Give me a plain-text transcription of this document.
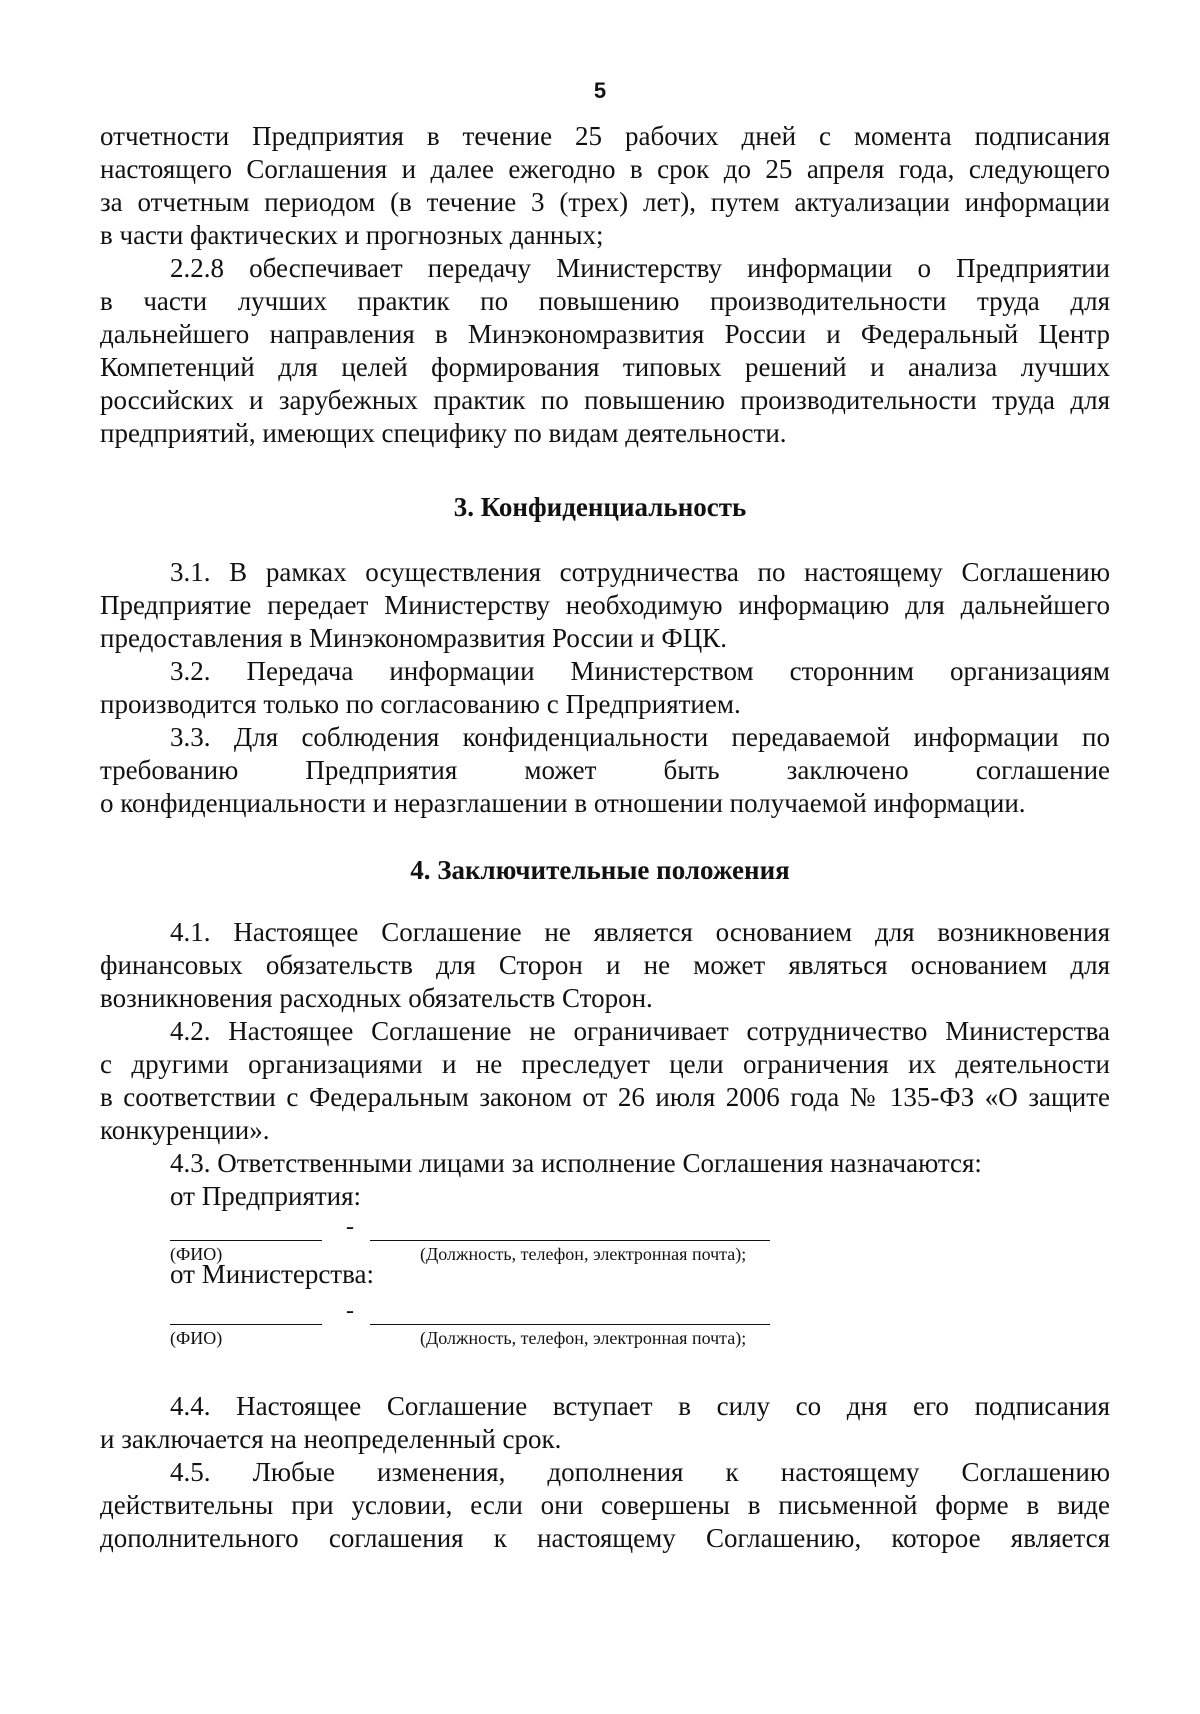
5
отчетности Предприятия в течение 25 рабочих дней с момента подписания
настоящего Соглашения и далее ежегодно в срок до 25 апреля года, следующего
за отчетным периодом (в течение 3 (трех) лет), путем актуализации информации
в части фактических и прогнозных данных;
2.2.8 обеспечивает передачу Министерству информации о Предприятии
в части лучших практик по повышению производительности труда для
дальнейшего направления в Минэкономразвития России и Федеральный Центр
Компетенций для целей формирования типовых решений и анализа лучших
российских и зарубежных практик по повышению производительности труда для
предприятий, имеющих специфику по видам деятельности.
3. Конфиденциальность
3.1. В рамках осуществления сотрудничества по настоящему Соглашению
Предприятие передает Министерству необходимую информацию для дальнейшего
предоставления в Минэкономразвития России и ФЦК.
3.2. Передача информации Министерством сторонним организациям
производится только по согласованию с Предприятием.
3.3. Для соблюдения конфиденциальности передаваемой информации по
требованию Предприятия может быть заключено соглашение
о конфиденциальности и неразглашении в отношении получаемой информации.
4. Заключительные положения
4.1. Настоящее Соглашение не является основанием для возникновения
финансовых обязательств для Сторон и не может являться основанием для
возникновения расходных обязательств Сторон.
4.2. Настоящее Соглашение не ограничивает сотрудничество Министерства
с другими организациями и не преследует цели ограничения их деятельности
в соответствии с Федеральным законом от 26 июля 2006 года № 135-ФЗ «О защите
конкуренции».
4.3. Ответственными лицами за исполнение Соглашения назначаются:
от Предприятия:
-
(ФИО)	(Должность, телефон, электронная почта);
от Министерства:
-
(ФИО)	(Должность, телефон, электронная почта);
4.4. Настоящее Соглашение вступает в силу со дня его подписания
и заключается на неопределенный срок.
4.5. Любые изменения, дополнения к настоящему Соглашению
действительны при условии, если они совершены в письменной форме в виде
дополнительного соглашения к настоящему Соглашению, которое является
